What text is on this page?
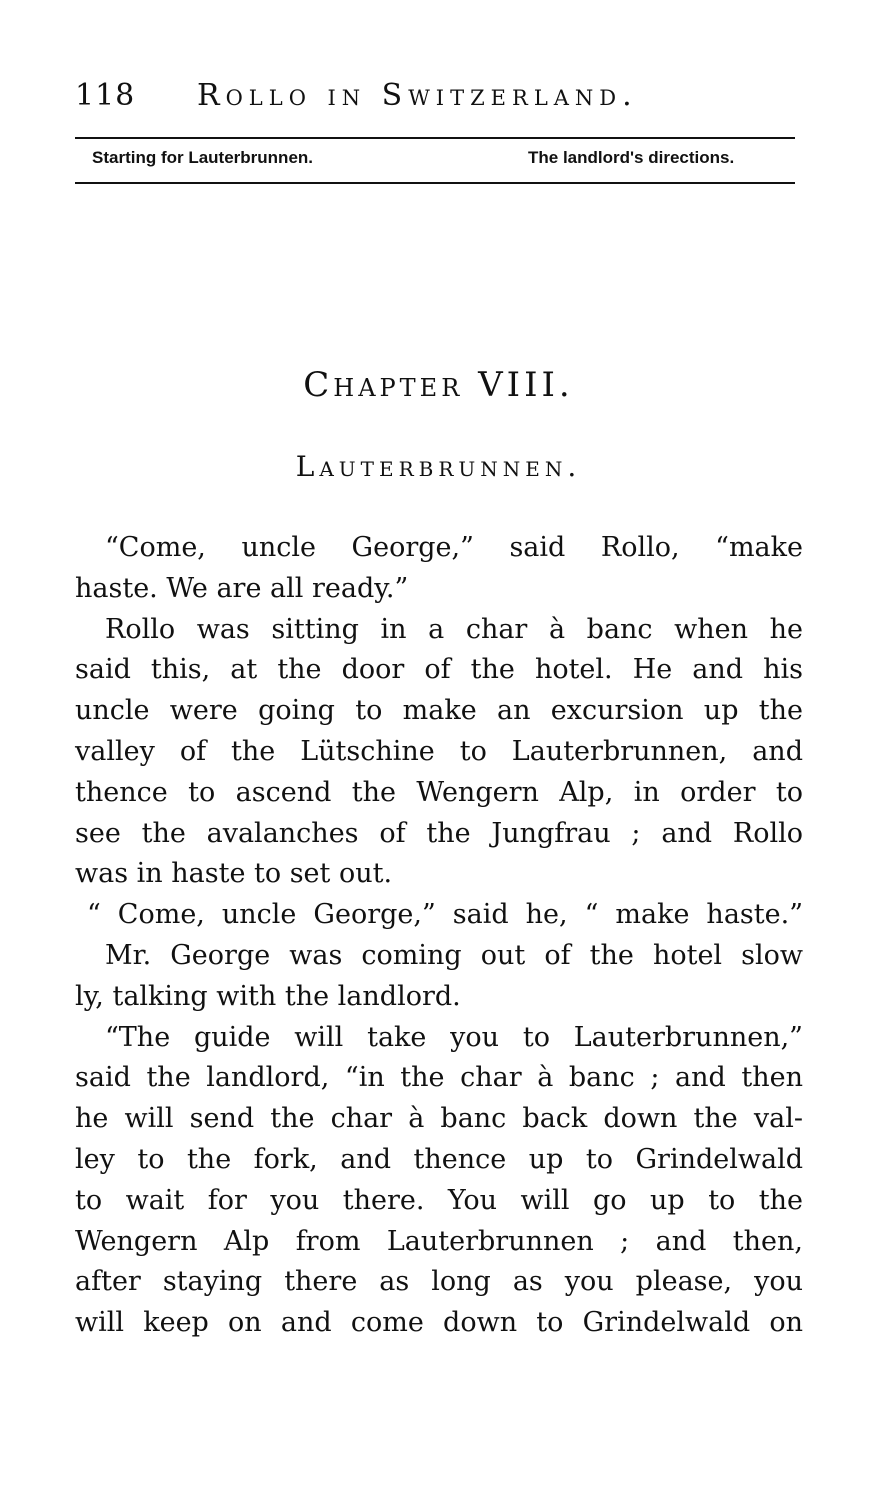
118 Rollo in Switzerland.
Starting for Lauterbrunnen.	The landlord's directions.
Chapter VIII.
Lauterbrunnen.
“Come, uncle George,” said Rollo, “make
haste. We are all ready.”
Rollo was sitting in a char à banc when he
said this, at the door of the hotel. He and his
uncle were going to make an excursion up the
valley of the Lütschine to Lauterbrunnen, and
thence to ascend the Wengern Alp, in order to
see the avalanches of the Jungfrau ; and Rollo
was in haste to set out.
“ Come, uncle George,” said he, “ make haste.”
Mr. George was coming out of the hotel slow
ly, talking with the landlord.
“The guide will take you to Lauterbrunnen,”
said the landlord, “in the char à banc ; and then
he will send the char à banc back down the val-
ley to the fork, and thence up to Grindelwald
to wait for you there. You will go up to the
Wengern Alp from Lauterbrunnen ; and then,
after staying there as long as you please, you
will keep on and come down to Grindelwald on
